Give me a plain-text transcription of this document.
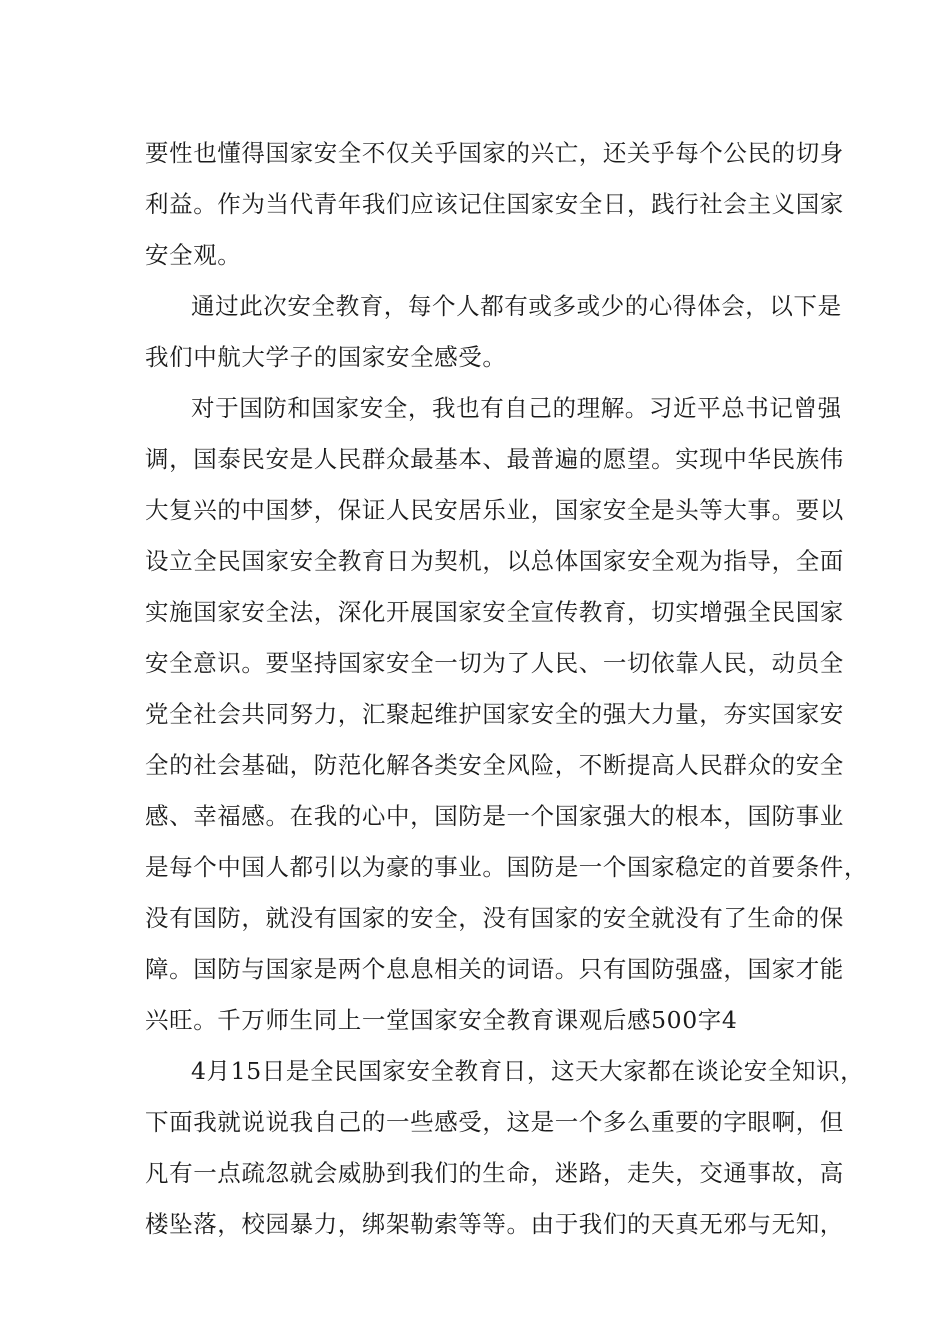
要性也懂得国家安全不仅关乎国家的兴亡，还关乎每个公民的切身
利益。作为当代青年我们应该记住国家安全日，践行社会主义国家
安全观。
通过此次安全教育，每个人都有或多或少的心得体会，以下是
我们中航大学子的国家安全感受。
对于国防和国家安全，我也有自己的理解。习近平总书记曾强
调，国泰民安是人民群众最基本、最普遍的愿望。实现中华民族伟
大复兴的中国梦，保证人民安居乐业，国家安全是头等大事。要以
设立全民国家安全教育日为契机，以总体国家安全观为指导，全面
实施国家安全法，深化开展国家安全宣传教育，切实增强全民国家
安全意识。要坚持国家安全一切为了人民、一切依靠人民，动员全
党全社会共同努力，汇聚起维护国家安全的强大力量，夯实国家安
全的社会基础，防范化解各类安全风险，不断提高人民群众的安全
感、幸福感。在我的心中，国防是一个国家强大的根本，国防事业
是每个中国人都引以为豪的事业。国防是一个国家稳定的首要条件，
没有国防，就没有国家的安全，没有国家的安全就没有了生命的保
障。国防与国家是两个息息相关的词语。只有国防强盛，国家才能
兴旺。千万师生同上一堂国家安全教育课观后感500字4
4月15日是全民国家安全教育日，这天大家都在谈论安全知识，
下面我就说说我自己的一些感受，这是一个多么重要的字眼啊，但
凡有一点疏忽就会威胁到我们的生命，迷路，走失，交通事故，高
楼坠落，校园暴力，绑架勒索等等。由于我们的天真无邪与无知，
